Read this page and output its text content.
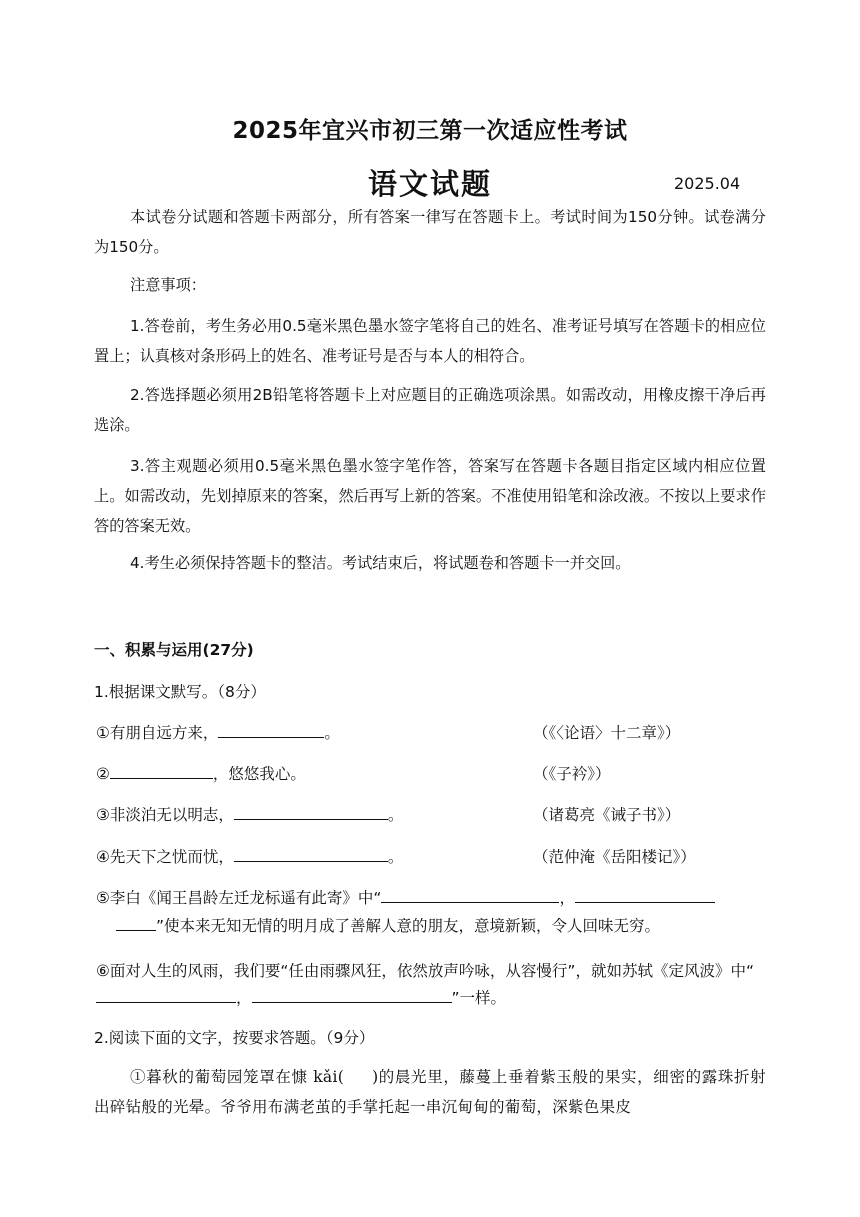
2025年宜兴市初三第一次适应性考试
语文试题	2025.04
本试卷分试题和答题卡两部分，所有答案一律写在答题卡上。考试时间为150分钟。试卷满分为150分。
注意事项：
1.答卷前，考生务必用0.5毫米黑色墨水签字笔将自己的姓名、准考证号填写在答题卡的相应位置上；认真核对条形码上的姓名、准考证号是否与本人的相符合。
2.答选择题必须用2B铅笔将答题卡上对应题目的正确选项涂黑。如需改动，用橡皮擦干净后再选涂。
3.答主观题必须用0.5毫米黑色墨水签字笔作答，答案写在答题卡各题目指定区域内相应位置上。如需改动，先划掉原来的答案，然后再写上新的答案。不准使用铅笔和涂改液。不按以上要求作答的答案无效。
4.考生必须保持答题卡的整洁。考试结束后，将试题卷和答题卡一并交回。
一、积累与运用(27分)
1.根据课文默写。（8分）
①有朋自远方来，	。	（《〈论语〉十二章》）
②	，悠悠我心。	（《子衿》）
③非淡泊无以明志，	。	（诸葛亮《诫子书》）
④先天下之忧而忧，	。	（范仲淹《岳阳楼记》）
⑤李白《闻王昌龄左迁龙标遥有此寄》中“	，
”使本来无知无情的明月成了善解人意的朋友，意境新颖，令人回味无穷。
⑥面对人生的风雨，我们要“任由雨骤风狂，依然放声吟咏，从容慢行”，就如苏轼《定风波》中“，	”一样。
2.阅读下面的文字，按要求答题。（9分）
①暮秋的葡萄园笼罩在慷 kǎi( )的晨光里，藤蔓上垂着紫玉般的果实，细密的露珠折射出碎钻般的光晕。爷爷用布满老茧的手掌托起一串沉甸甸的葡萄，深紫色果皮
